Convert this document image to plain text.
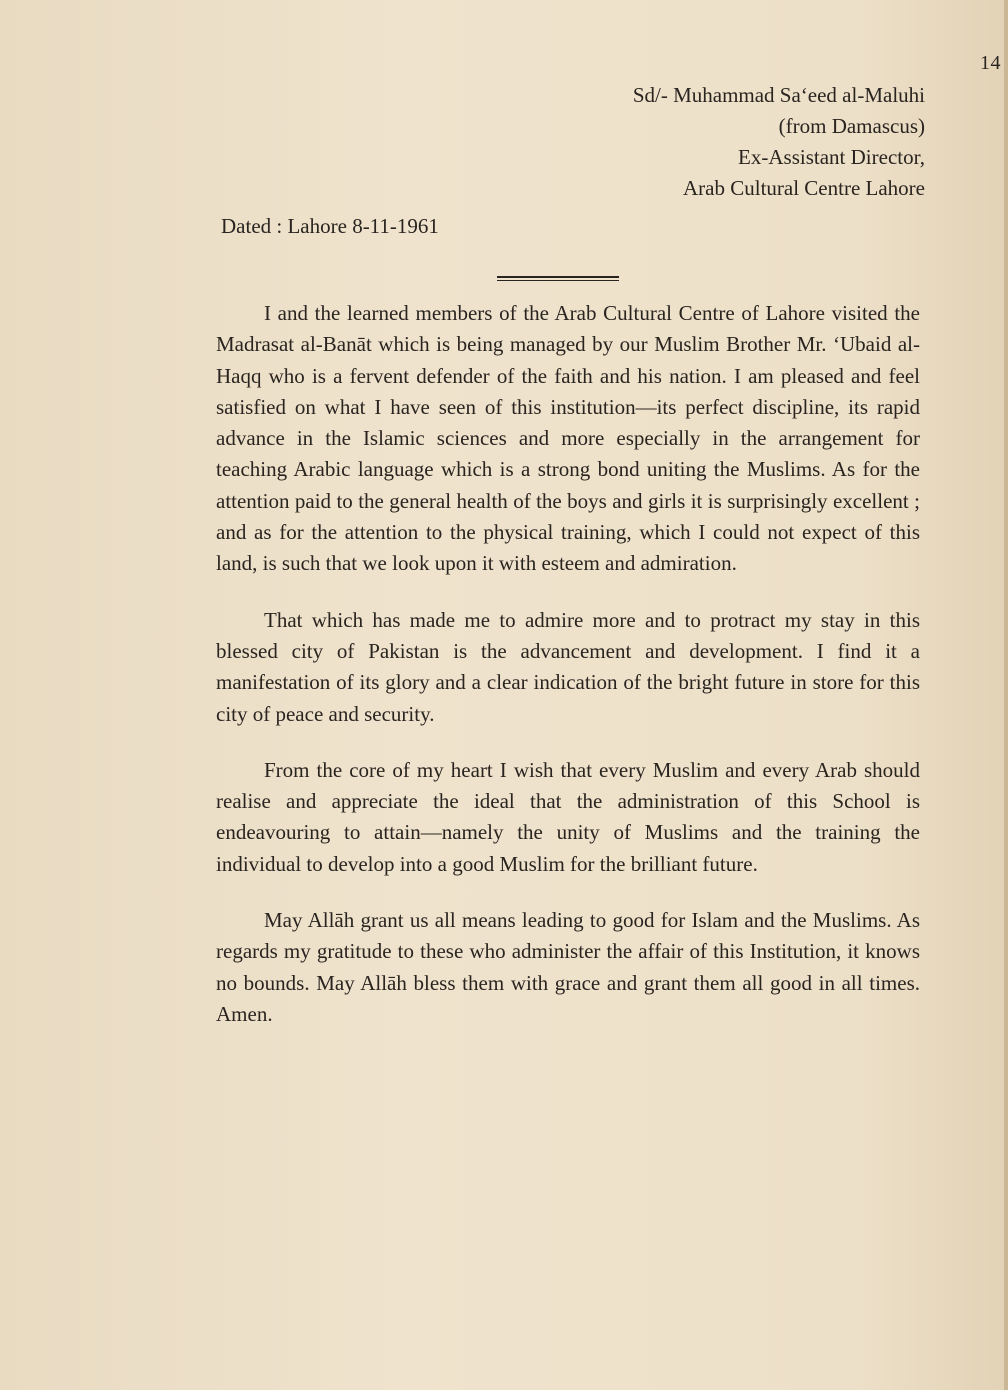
14
Sd/- Muhammad Sa‘eed al-Maluhi
(from Damascus)
Ex-Assistant Director,
Arab Cultural Centre Lahore
Dated : Lahore 8-11-1961

I and the learned members of the Arab Cultural Centre of Lahore visited the Madrasat al-Banāt which is being managed by our Muslim Brother Mr. ‘Ubaid al-Haqq who is a fervent defender of the faith and his nation. I am pleased and feel satisfied on what I have seen of this institution—its perfect discipline, its rapid advance in the Islamic sciences and more especially in the arrangement for teaching Arabic language which is a strong bond uniting the Muslims. As for the attention paid to the general health of the boys and girls it is surprisingly excellent ; and as for the attention to the physical training, which I could not expect of this land, is such that we look upon it with esteem and admiration.

That which has made me to admire more and to protract my stay in this blessed city of Pakistan is the advancement and development. I find it a manifestation of its glory and a clear indication of the bright future in store for this city of peace and security.

From the core of my heart I wish that every Muslim and every Arab should realise and appreciate the ideal that the administration of this School is endeavouring to attain—namely the unity of Muslims and the training the individual to develop into a good Muslim for the brilliant future.

May Allāh grant us all means leading to good for Islam and the Muslims. As regards my gratitude to these who administer the affair of this Institution, it knows no bounds. May Allāh bless them with grace and grant them all good in all times.      Amen.
